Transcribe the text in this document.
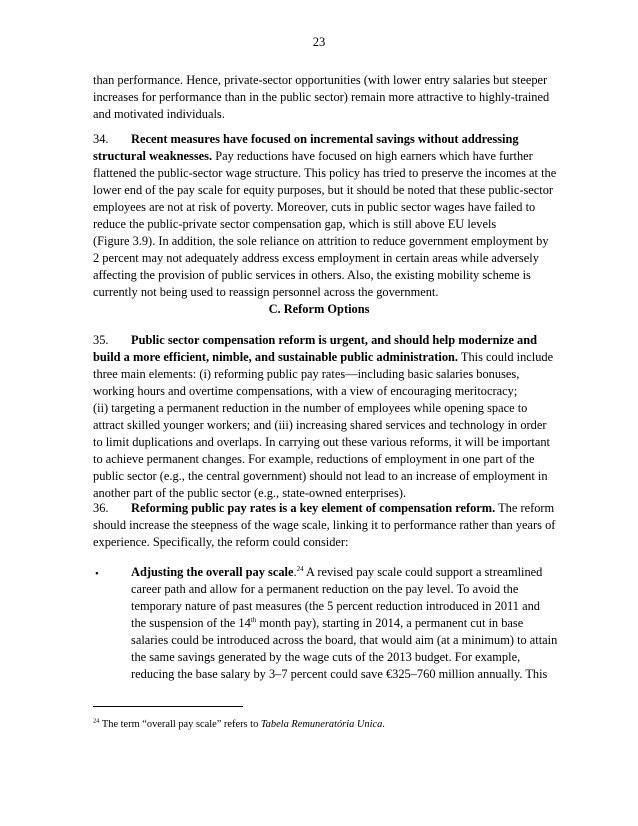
23
than performance. Hence, private-sector opportunities (with lower entry salaries but steeper
increases for performance than in the public sector) remain more attractive to highly-trained
and motivated individuals.
34. Recent measures have focused on incremental savings without addressing
structural weaknesses. Pay reductions have focused on high earners which have further
flattened the public-sector wage structure. This policy has tried to preserve the incomes at the
lower end of the pay scale for equity purposes, but it should be noted that these public-sector
employees are not at risk of poverty. Moreover, cuts in public sector wages have failed to
reduce the public-private sector compensation gap, which is still above EU levels
(Figure 3.9). In addition, the sole reliance on attrition to reduce government employment by
2 percent may not adequately address excess employment in certain areas while adversely
affecting the provision of public services in others. Also, the existing mobility scheme is
currently not being used to reassign personnel across the government.
C. Reform Options
35. Public sector compensation reform is urgent, and should help modernize and
build a more efficient, nimble, and sustainable public administration. This could include
three main elements: (i) reforming public pay rates—including basic salaries bonuses,
working hours and overtime compensations, with a view of encouraging meritocracy;
(ii) targeting a permanent reduction in the number of employees while opening space to
attract skilled younger workers; and (iii) increasing shared services and technology in order
to limit duplications and overlaps. In carrying out these various reforms, it will be important
to achieve permanent changes. For example, reductions of employment in one part of the
public sector (e.g., the central government) should not lead to an increase of employment in
another part of the public sector (e.g., state-owned enterprises).
36. Reforming public pay rates is a key element of compensation reform. The reform
should increase the steepness of the wage scale, linking it to performance rather than years of
experience. Specifically, the reform could consider:
•	Adjusting the overall pay scale.$^{24}$ A revised pay scale could support a streamlined
career path and allow for a permanent reduction on the pay level. To avoid the
temporary nature of past measures (the 5 percent reduction introduced in 2011 and
the suspension of the 14th month pay), starting in 2014, a permanent cut in base
salaries could be introduced across the board, that would aim (at a minimum) to attain
the same savings generated by the wage cuts of the 2013 budget. For example,
reducing the base salary by 3–7 percent could save €325–760 million annually. This
$^{24}$ The term “overall pay scale” refers to Tabela Remuneratória Unica.
